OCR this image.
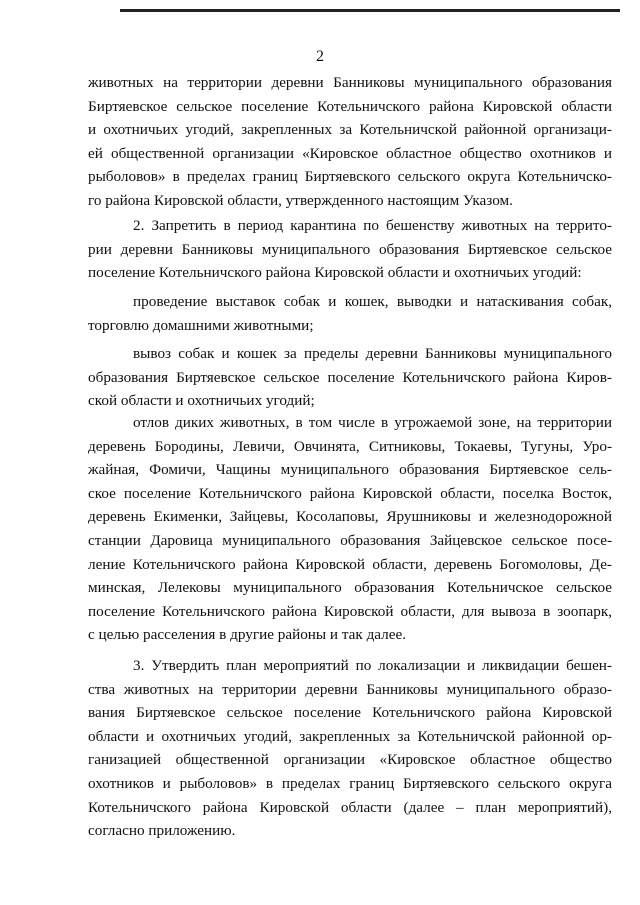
2
животных на территории деревни Банниковы муниципального образования
Биртяевское сельское поселение Котельничского района Кировской области
и охотничьих угодий, закрепленных за Котельничской районной организаци-
ей общественной организации «Кировское областное общество охотников и
рыболовов» в пределах границ Биртяевского сельского округа Котельничско-
го района Кировской области, утвержденного настоящим Указом.
2. Запретить в период карантина по бешенству животных на террито-
рии деревни Банниковы муниципального образования Биртяевское сельское
поселение Котельничского района Кировской области и охотничьих угодий:
проведение выставок собак и кошек, выводки и натаскивания собак,
торговлю домашними животными;
вывоз собак и кошек за пределы деревни Банниковы муниципального
образования Биртяевское сельское поселение Котельничского района Киров-
ской области и охотничьих угодий;
отлов диких животных, в том числе в угрожаемой зоне, на территории
деревень Бородины, Левичи, Овчинята, Ситниковы, Токаевы, Тугуны, Уро-
жайная, Фомичи, Чащины муниципального образования Биртяевское сель-
ское поселение Котельничского района Кировской области, поселка Восток,
деревень Екименки, Зайцевы, Косолаповы, Ярушниковы и железнодорожной
станции Даровица муниципального образования Зайцевское сельское посе-
ление Котельничского района Кировской области, деревень Богомоловы, Де-
минская, Лелековы муниципального образования Котельничское сельское
поселение Котельничского района Кировской области, для вывоза в зоопарк,
с целью расселения в другие районы и так далее.
3. Утвердить план мероприятий по локализации и ликвидации бешен-
ства животных на территории деревни Банниковы муниципального образо-
вания Биртяевское сельское поселение Котельничского района Кировской
области и охотничьих угодий, закрепленных за Котельничской районной ор-
ганизацией общественной организации «Кировское областное общество
охотников и рыболовов» в пределах границ Биртяевского сельского округа
Котельничского района Кировской области (далее – план мероприятий),
согласно приложению.
